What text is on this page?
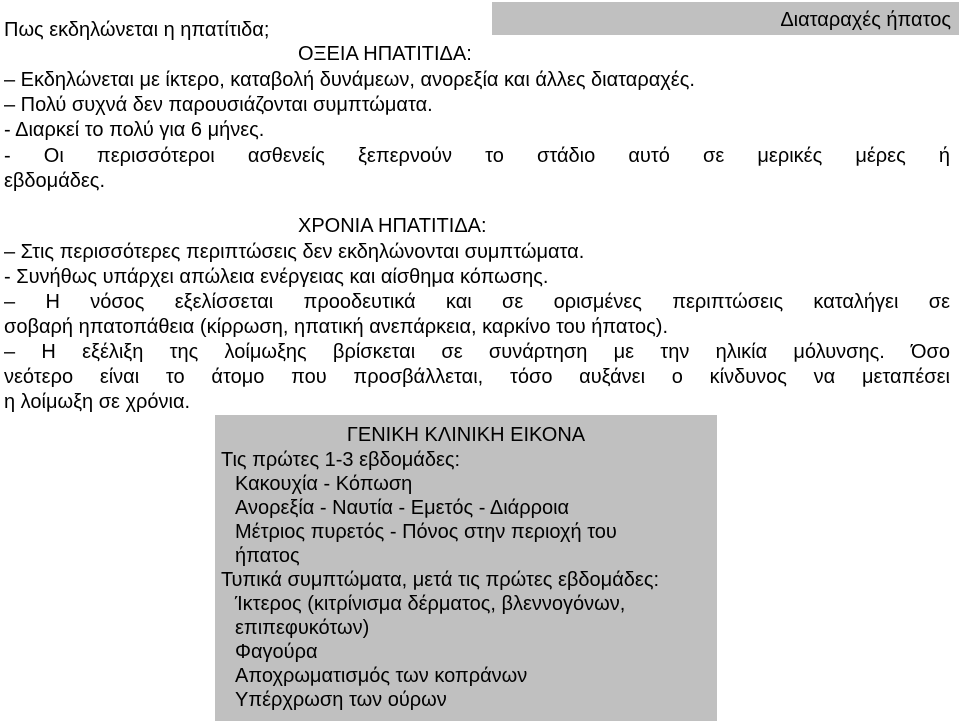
Διαταραχές ήπατος
Πως εκδηλώνεται η ηπατίτιδα;
ΟΞΕΙΑ ΗΠΑΤΙΤΙΔΑ:
– Εκδηλώνεται με ίκτερο, καταβολή δυνάμεων, ανορεξία και άλλες διαταραχές.
– Πολύ συχνά δεν παρουσιάζονται συμπτώματα.
- Διαρκεί το πολύ για 6 μήνες.
- Οι περισσότεροι ασθενείς ξεπερνούν το στάδιο αυτό σε μερικές μέρες ή
εβδομάδες.
ΧΡΟΝΙΑ ΗΠΑΤΙΤΙΔΑ:
– Στις περισσότερες περιπτώσεις δεν εκδηλώνονται συμπτώματα.
- Συνήθως υπάρχει απώλεια ενέργειας και αίσθημα κόπωσης.
– Η νόσος εξελίσσεται προοδευτικά και σε ορισμένες περιπτώσεις καταλήγει σε
σοβαρή ηπατοπάθεια (κίρρωση, ηπατική ανεπάρκεια, καρκίνο του ήπατος).
– Η εξέλιξη της λοίμωξης βρίσκεται σε συνάρτηση με την ηλικία μόλυνσης. Όσο
νεότερο είναι το άτομο που προσβάλλεται, τόσο αυξάνει ο κίνδυνος να μεταπέσει
η λοίμωξη σε χρόνια.
ΓΕΝΙΚΗ ΚΛΙΝΙΚΗ ΕΙΚΟΝΑ
Τις πρώτες 1-3 εβδομάδες:
Κακουχία - Κόπωση
Ανορεξία - Ναυτία - Εμετός - Διάρροια
Μέτριος πυρετός - Πόνος στην περιοχή του
ήπατος
Τυπικά συμπτώματα, μετά τις πρώτες εβδομάδες:
Ίκτερος (κιτρίνισμα δέρματος, βλεννογόνων,
επιπεφυκότων)
Φαγούρα
Αποχρωματισμός των κοπράνων
Υπέρχρωση των ούρων
